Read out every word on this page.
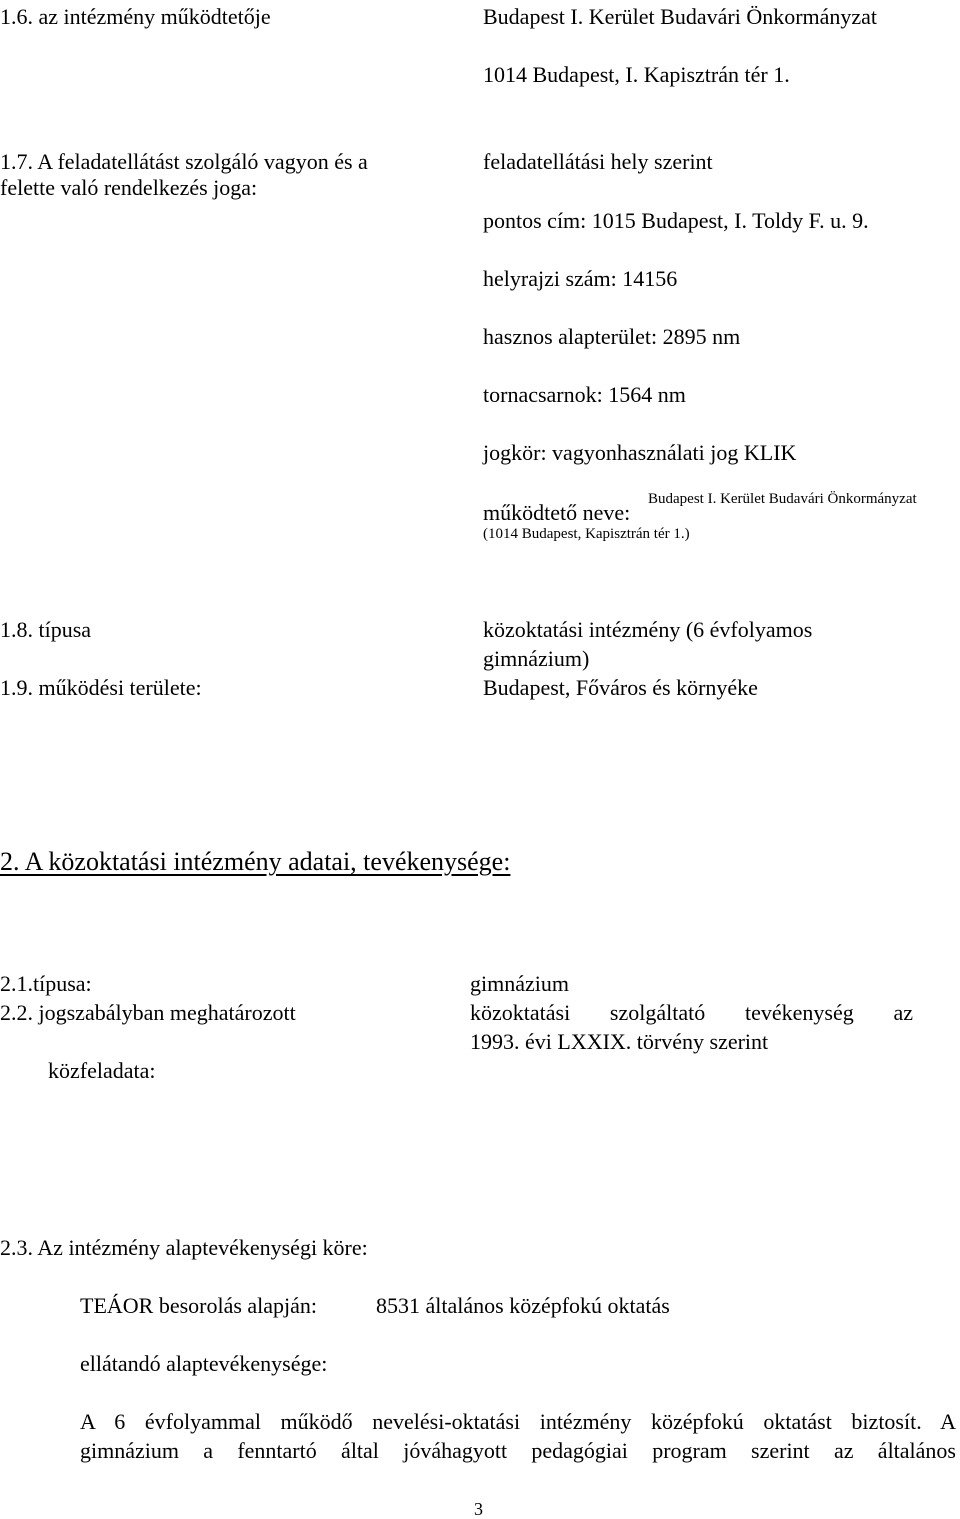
1.6. az intézmény működtetője	Budapest I. Kerület Budavári Önkormányzat
1014 Budapest, I. Kapisztrán tér 1.
1.7. A feladatellátást szolgáló vagyon és a
felette való rendelkezés joga:
feladatellátási hely szerint
pontos cím: 1015 Budapest, I. Toldy F. u. 9.
helyrajzi szám: 14156
hasznos alapterület: 2895 nm
tornacsarnok: 1564 nm
jogkör: vagyonhasználati jog KLIK
működtető neve:
Budapest I. Kerület Budavári Önkormányzat
(1014 Budapest, Kapisztrán tér 1.)
1.8. típusa	közoktatási intézmény (6 évfolyamos
gimnázium)
1.9. működési területe:	Budapest, Főváros és környéke
2. A közoktatási intézmény adatai, tevékenysége:
2.1.típusa:	gimnázium
2.2. jogszabályban meghatározott
közfeladata:
közoktatási szolgáltató tevékenység az
1993. évi LXXIX. törvény szerint
2.3. Az intézmény alaptevékenységi köre:
TEÁOR besorolás alapján:	8531 általános középfokú oktatás
ellátandó alaptevékenysége:
A 6 évfolyammal működő nevelési-oktatási intézmény középfokú oktatást biztosít. A
gimnázium a fenntartó által jóváhagyott pedagógiai program szerint az általános
3
